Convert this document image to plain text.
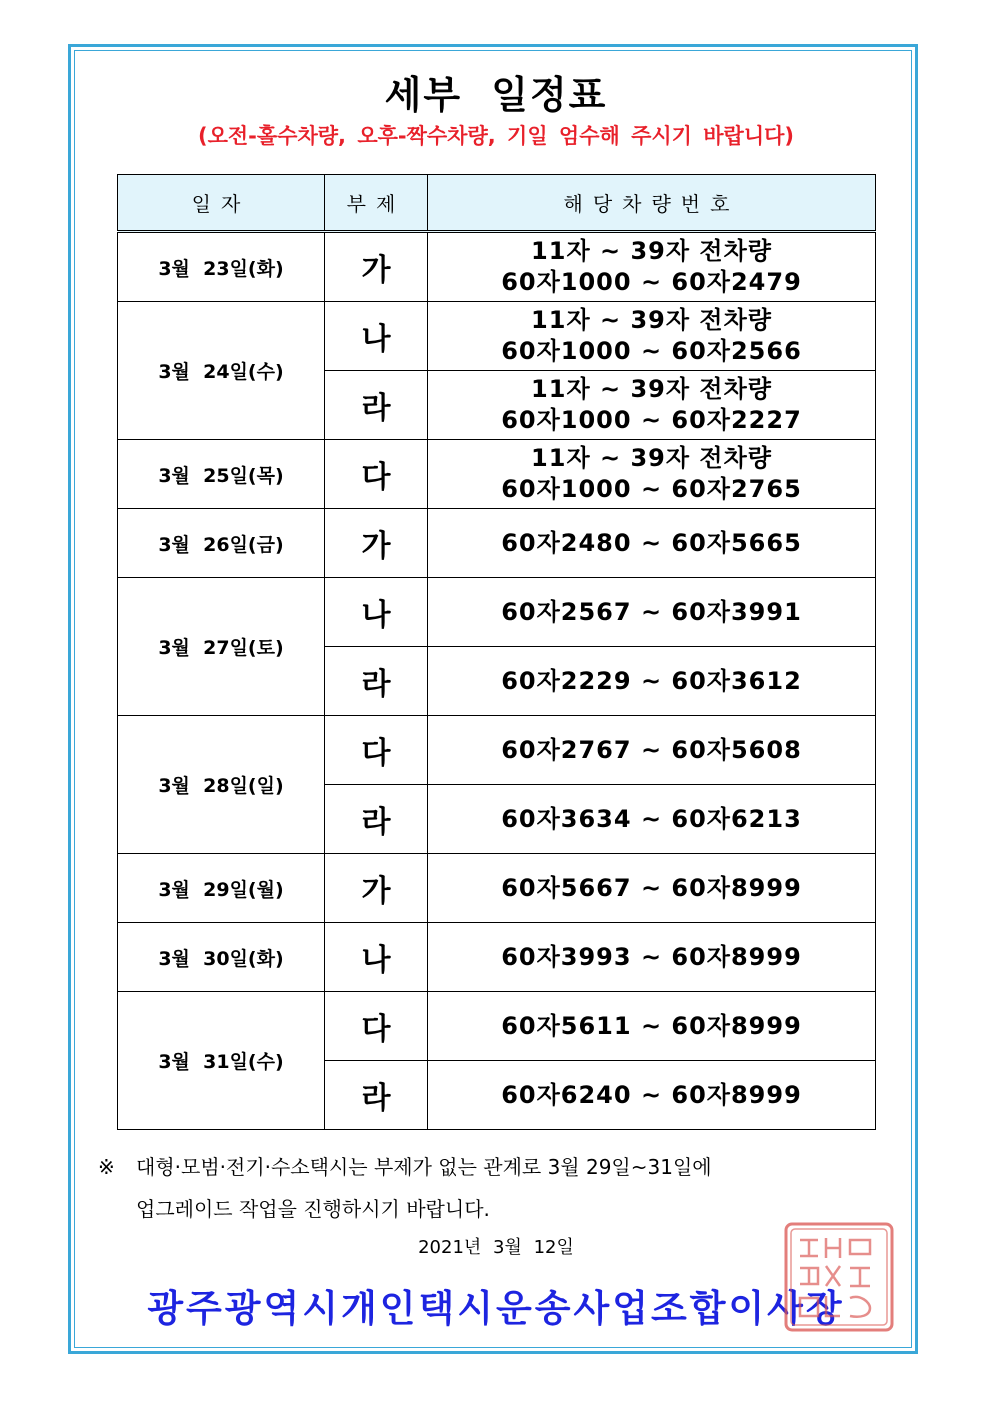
세부 일정표
(오전-홀수차량, 오후-짝수차량, 기일 엄수해 주시기 바랍니다)
일자	부제	해당차량번호
3월  23일(화)	가	11자 ~ 39자 전차량
60자1000 ~ 60자2479
3월  24일(수)	나	11자 ~ 39자 전차량
60자1000 ~ 60자2566
	라	11자 ~ 39자 전차량
60자1000 ~ 60자2227
3월  25일(목)	다	11자 ~ 39자 전차량
60자1000 ~ 60자2765
3월  26일(금)	가	60자2480 ~ 60자5665
3월  27일(토)	나	60자2567 ~ 60자3991
	라	60자2229 ~ 60자3612
3월  28일(일)	다	60자2767 ~ 60자5608
	라	60자3634 ~ 60자6213
3월  29일(월)	가	60자5667 ~ 60자8999
3월  30일(화)	나	60자3993 ~ 60자8999
3월  31일(수)	다	60자5611 ~ 60자8999
	라	60자6240 ~ 60자8999
※ 대형·모범·전기·수소택시는 부제가 없는 관계로 3월 29일~31일에
업그레이드 작업을 진행하시기 바랍니다.
2021년 3월 12일
광주광역시개인택시운송사업조합이사장
